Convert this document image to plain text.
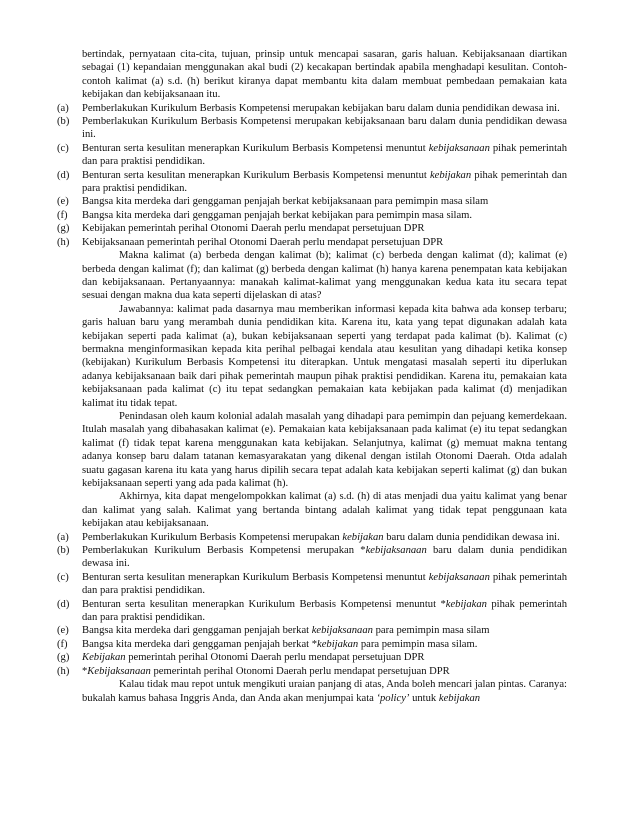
bertindak, pernyataan cita-cita, tujuan, prinsip untuk mencapai sasaran, garis haluan. Kebijaksanaan diartikan sebagai (1) kepandaian menggunakan akal budi (2) kecakapan bertindak apabila menghadapi kesulitan. Contoh-contoh kalimat (a) s.d. (h) berikut kiranya dapat membantu kita dalam membuat pembedaan pemakaian kata kebijakan dan kebijaksanaan itu.

(a) Pemberlakukan Kurikulum Berbasis Kompetensi merupakan kebijakan baru dalam dunia pendidikan dewasa ini.
(b) Pemberlakukan Kurikulum Berbasis Kompetensi merupakan kebijaksanaan baru dalam dunia pendidikan dewasa ini.
(c) Benturan serta kesulitan menerapkan Kurikulum Berbasis Kompetensi menuntut kebijaksanaan pihak pemerintah dan para praktisi pendidikan.
(d) Benturan serta kesulitan menerapkan Kurikulum Berbasis Kompetensi menuntut kebijakan pihak pemerintah dan para praktisi pendidikan.
(e) Bangsa kita merdeka dari genggaman penjajah berkat kebijaksanaan para pemimpin masa silam
(f) Bangsa kita merdeka dari genggaman penjajah berkat kebijakan para pemimpin masa silam.
(g) Kebijakan pemerintah perihal Otonomi Daerah perlu mendapat persetujuan DPR
(h) Kebijaksanaan pemerintah perihal Otonomi Daerah perlu mendapat persetujuan DPR

Makna kalimat (a) berbeda dengan kalimat (b); kalimat (c) berbeda dengan kalimat (d); kalimat (e) berbeda dengan kalimat (f); dan kalimat (g) berbeda dengan kalimat (h) hanya karena penempatan kata kebijakan dan kebijaksanaan. Pertanyaannya: manakah kalimat-kalimat yang menggunakan kedua kata itu secara tepat sesuai dengan makna dua kata seperti dijelaskan di atas?

Jawabannya: kalimat pada dasarnya mau memberikan informasi kepada kita bahwa ada konsep terbaru; garis haluan baru yang merambah dunia pendidikan kita. Karena itu, kata yang tepat digunakan adalah kata kebijakan seperti pada kalimat (a), bukan kebijaksanaan seperti yang terdapat pada kalimat (b). Kalimat (c) bermakna menginformasikan kepada kita perihal pelbagai kendala atau kesulitan yang dihadapi ketika konsep (kebijakan) Kurikulum Berbasis Kompetensi itu diterapkan. Untuk mengatasi masalah seperti itu diperlukan adanya kebijaksanaan baik dari pihak pemerintah maupun pihak praktisi pendidikan. Karena itu, pemakaian kata kebijaksanaan pada kalimat (c) itu tepat sedangkan pemakaian kata kebijakan pada kalimat (d) menjadikan kalimat itu tidak tepat.

Penindasan oleh kaum kolonial adalah masalah yang dihadapi para pemimpin dan pejuang kemerdekaan. Itulah masalah yang dibahasakan kalimat (e). Pemakaian kata kebijaksanaan pada kalimat (e) itu tepat sedangkan kalimat (f) tidak tepat karena menggunakan kata kebijakan. Selanjutnya, kalimat (g) memuat makna tentang adanya konsep baru dalam tatanan kemasyarakatan yang dikenal dengan istilah Otonomi Daerah. Otda adalah suatu gagasan karena itu kata yang harus dipilih secara tepat adalah kata kebijakan seperti kalimat (g) dan bukan kebijaksanaan seperti yang ada pada kalimat (h).

Akhirnya, kita dapat mengelompokkan kalimat (a) s.d. (h) di atas menjadi dua yaitu kalimat yang benar dan kalimat yang salah. Kalimat yang bertanda bintang adalah kalimat yang tidak tepat penggunaan kata kebijakan atau kebijaksanaan.

(a) Pemberlakukan Kurikulum Berbasis Kompetensi merupakan kebijakan baru dalam dunia pendidikan dewasa ini.
(b) Pemberlakukan Kurikulum Berbasis Kompetensi merupakan *kebijaksanaan baru dalam dunia pendidikan dewasa ini.
(c) Benturan serta kesulitan menerapkan Kurikulum Berbasis Kompetensi menuntut kebijaksanaan pihak pemerintah dan para praktisi pendidikan.
(d) Benturan serta kesulitan menerapkan Kurikulum Berbasis Kompetensi menuntut *kebijakan pihak pemerintah dan para praktisi pendidikan.
(e) Bangsa kita merdeka dari genggaman penjajah berkat kebijaksanaan para pemimpin masa silam
(f) Bangsa kita merdeka dari genggaman penjajah berkat *kebijakan para pemimpin masa silam.
(g) Kebijakan pemerintah perihal Otonomi Daerah perlu mendapat persetujuan DPR
(h) *Kebijaksanaan pemerintah perihal Otonomi Daerah perlu mendapat persetujuan DPR

Kalau tidak mau repot untuk mengikuti uraian panjang di atas, Anda boleh mencari jalan pintas. Caranya: bukalah kamus bahasa Inggris Anda, dan Anda akan menjumpai kata ‘policy’ untuk kebijakan
